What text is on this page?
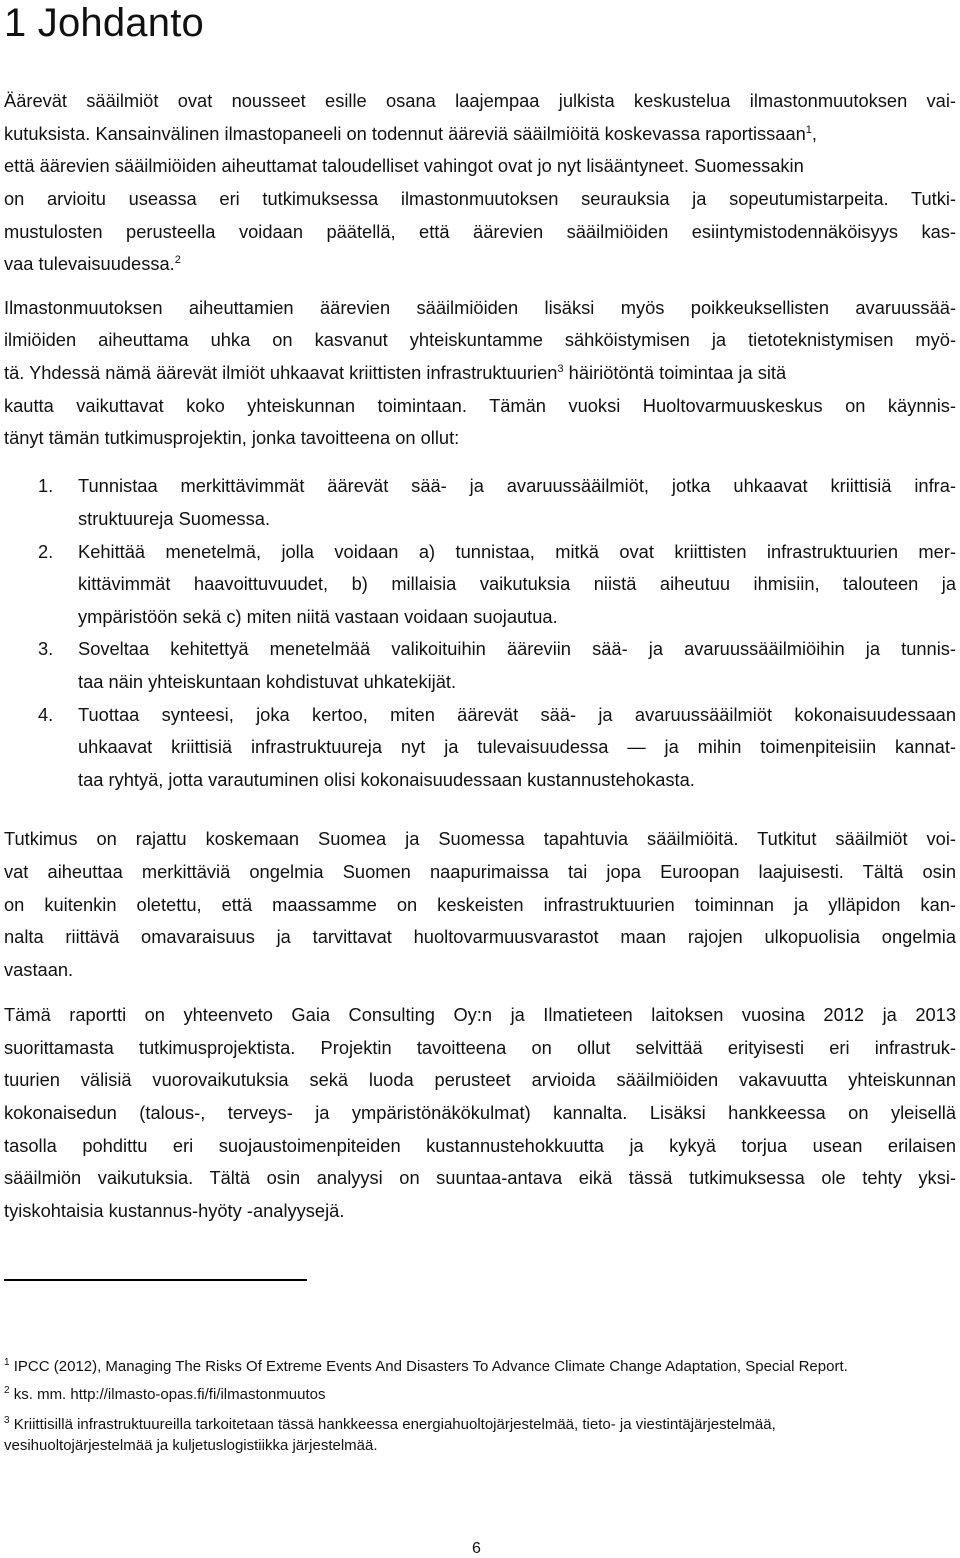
1 Johdanto
Äärevät sääilmiöt ovat nousseet esille osana laajempaa julkista keskustelua ilmastonmuutoksen vai-
kutuksista. Kansainvälinen ilmastopaneeli on todennut ääreviä sääilmiöitä koskevassa raportissaan$^1$,
että äärevien sääilmiöiden aiheuttamat taloudelliset vahingot ovat jo nyt lisääntyneet. Suomessakin
on arvioitu useassa eri tutkimuksessa ilmastonmuutoksen seurauksia ja sopeutumistarpeita. Tutki-
mustulosten perusteella voidaan päätellä, että äärevien sääilmiöiden esiintymistodennäköisyys kas-
vaa tulevaisuudessa.$^2$
Ilmastonmuutoksen aiheuttamien äärevien sääilmiöiden lisäksi myös poikkeuksellisten avaruussää-
ilmiöiden aiheuttama uhka on kasvanut yhteiskuntamme sähköistymisen ja tietoteknistymisen myö-
tä. Yhdessä nämä äärevät ilmiöt uhkaavat kriittisten infrastruktuurien$^3$ häiriötöntä toimintaa ja sitä
kautta vaikuttavat koko yhteiskunnan toimintaan. Tämän vuoksi Huoltovarmuuskeskus on käynnis-
tänyt tämän tutkimusprojektin, jonka tavoitteena on ollut:
1. Tunnistaa merkittävimmät äärevät sää- ja avaruussääilmiöt, jotka uhkaavat kriittisiä infra-
struktuureja Suomessa.
2. Kehittää menetelmä, jolla voidaan a) tunnistaa, mitkä ovat kriittisten infrastruktuurien mer-
kittävimmät haavoittuvuudet, b) millaisia vaikutuksia niistä aiheutuu ihmisiin, talouteen ja
ympäristöön sekä c) miten niitä vastaan voidaan suojautua.
3. Soveltaa kehitettyä menetelmää valikoituihin ääreviin sää- ja avaruussääilmiöihin ja tunnis-
taa näin yhteiskuntaan kohdistuvat uhkatekijät.
4. Tuottaa synteesi, joka kertoo, miten äärevät sää- ja avaruussääilmiöt kokonaisuudessaan
uhkaavat kriittisiä infrastruktuureja nyt ja tulevaisuudessa — ja mihin toimenpiteisiin kannat-
taa ryhtyä, jotta varautuminen olisi kokonaisuudessaan kustannustehokasta.
Tutkimus on rajattu koskemaan Suomea ja Suomessa tapahtuvia sääilmiöitä. Tutkitut sääilmiöt voi-
vat aiheuttaa merkittäviä ongelmia Suomen naapurimaissa tai jopa Euroopan laajuisesti. Tältä osin
on kuitenkin oletettu, että maassamme on keskeisten infrastruktuurien toiminnan ja ylläpidon kan-
nalta riittävä omavaraisuus ja tarvittavat huoltovarmuusvarastot maan rajojen ulkopuolisia ongelmia
vastaan.
Tämä raportti on yhteenveto Gaia Consulting Oy:n ja Ilmatieteen laitoksen vuosina 2012 ja 2013
suorittamasta tutkimusprojektista. Projektin tavoitteena on ollut selvittää erityisesti eri infrastruk-
tuurien välisiä vuorovaikutuksia sekä luoda perusteet arvioida sääilmiöiden vakavuutta yhteiskunnan
kokonaisedun (talous-, terveys- ja ympäristönäkökulmat) kannalta. Lisäksi hankkeessa on yleisellä
tasolla pohdittu eri suojaustoimenpiteiden kustannustehokkuutta ja kykyä torjua usean erilaisen
sääilmiön vaikutuksia. Tältä osin analyysi on suuntaa-antava eikä tässä tutkimuksessa ole tehty yksi-
tyiskohtaisia kustannus-hyöty -analyysejä.
$^1$ IPCC (2012), Managing The Risks Of Extreme Events And Disasters To Advance Climate Change Adaptation, Special Report.
$^2$ ks. mm. http://ilmasto-opas.fi/fi/ilmastonmuutos
$^3$ Kriittisillä infrastruktuureilla tarkoitetaan tässä hankkeessa energiahuoltojärjestelmää, tieto- ja viestintäjärjestelmää,
vesihuoltojärjestelmää ja kuljetuslogistiikka järjestelmää.
6
